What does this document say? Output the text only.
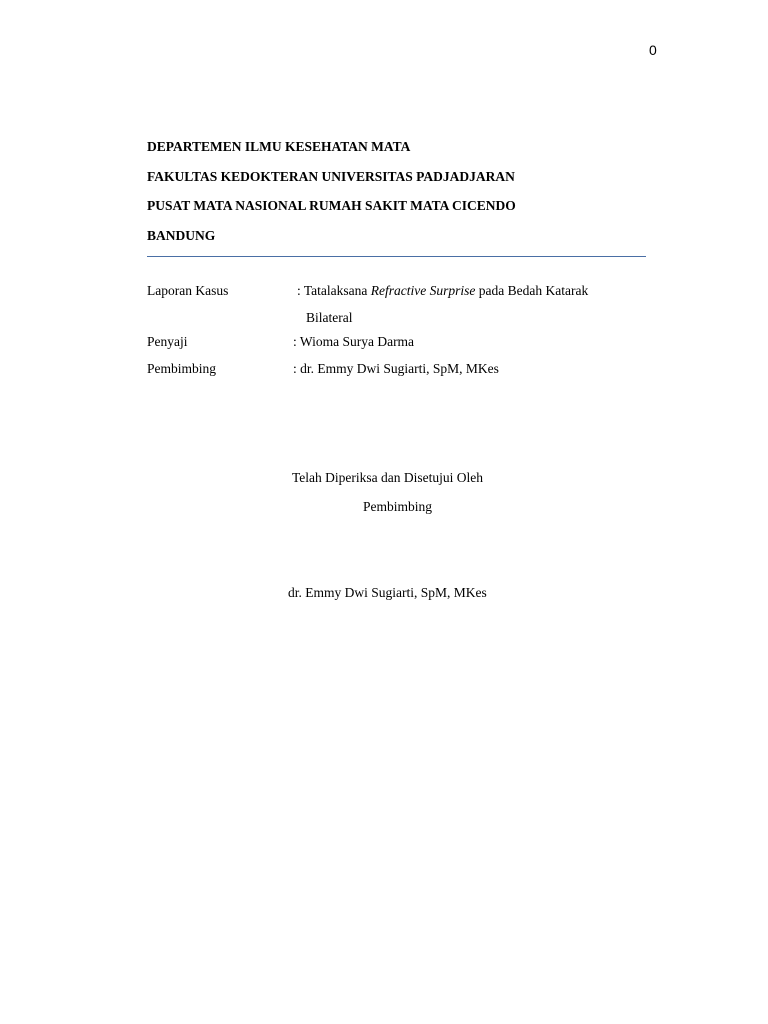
0
DEPARTEMEN ILMU KESEHATAN MATA
FAKULTAS KEDOKTERAN UNIVERSITAS PADJADJARAN
PUSAT MATA NASIONAL RUMAH SAKIT MATA CICENDO
BANDUNG
Laporan Kasus	: Tatalaksana Refractive Surprise pada Bedah Katarak
Bilateral
Penyaji	: Wioma Surya Darma
Pembimbing	: dr. Emmy Dwi Sugiarti, SpM, MKes
Telah Diperiksa dan Disetujui Oleh
Pembimbing
dr. Emmy Dwi Sugiarti, SpM, MKes
